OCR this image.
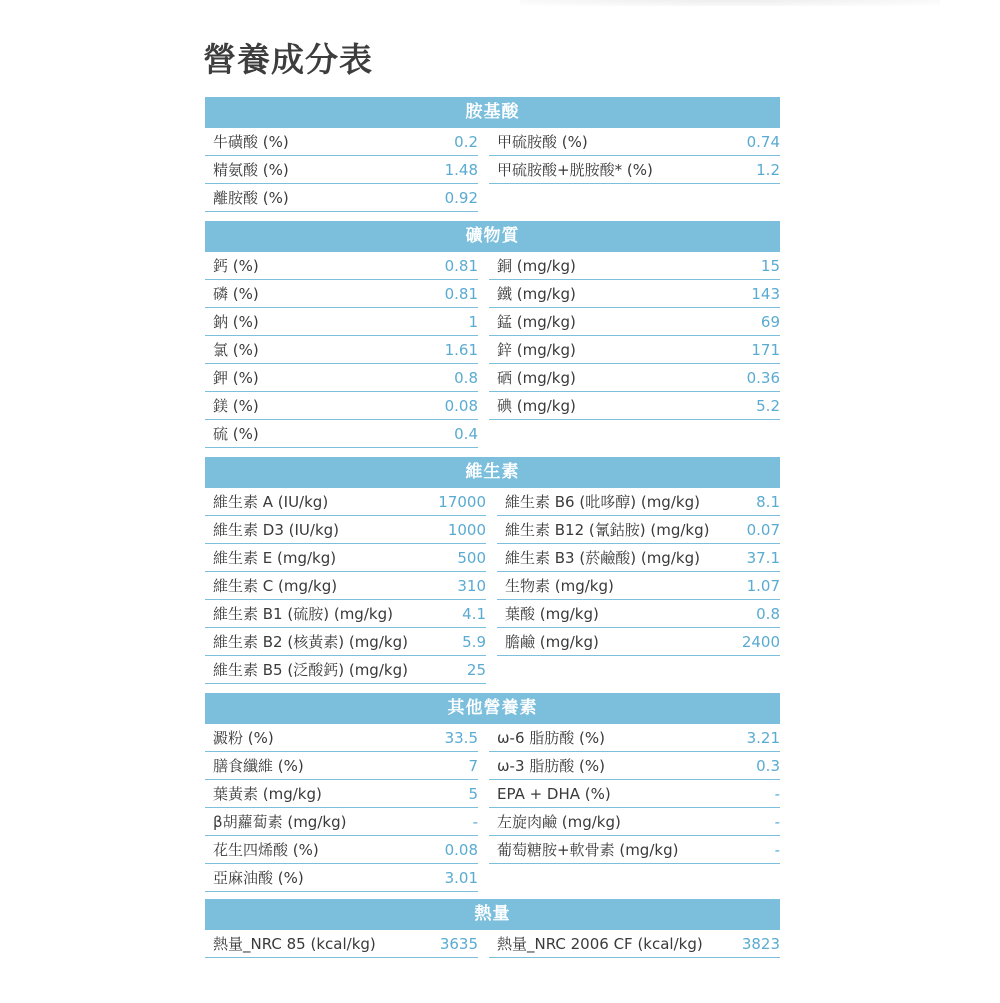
營養成分表
胺基酸
牛磺酸 (%)	0.2	甲硫胺酸 (%)	0.74
精氨酸 (%)	1.48	甲硫胺酸+胱胺酸* (%)	1.2
離胺酸 (%)	0.92
礦物質
鈣 (%)	0.81	銅 (mg/kg)	15
磷 (%)	0.81	鐵 (mg/kg)	143
鈉 (%)	1	錳 (mg/kg)	69
氯 (%)	1.61	鋅 (mg/kg)	171
鉀 (%)	0.8	硒 (mg/kg)	0.36
鎂 (%)	0.08	碘 (mg/kg)	5.2
硫 (%)	0.4
維生素
維生素 A (IU/kg)	17000	維生素 B6 (吡哆醇) (mg/kg)	8.1
維生素 D3 (IU/kg)	1000	維生素 B12 (氰鈷胺) (mg/kg)	0.07
維生素 E (mg/kg)	500	維生素 B3 (菸鹼酸) (mg/kg)	37.1
維生素 C (mg/kg)	310	生物素 (mg/kg)	1.07
維生素 B1 (硫胺) (mg/kg)	4.1	葉酸 (mg/kg)	0.8
維生素 B2 (核黃素) (mg/kg)	5.9	膽鹼 (mg/kg)	2400
維生素 B5 (泛酸鈣) (mg/kg)	25
其他營養素
澱粉 (%)	33.5	ω-6 脂肪酸 (%)	3.21
膳食纖維 (%)	7	ω-3 脂肪酸 (%)	0.3
葉黃素 (mg/kg)	5	EPA + DHA (%)	-
β胡蘿蔔素 (mg/kg)	-	左旋肉鹼 (mg/kg)	-
花生四烯酸 (%)	0.08	葡萄糖胺+軟骨素 (mg/kg)	-
亞麻油酸 (%)	3.01
熱量
熱量_NRC 85 (kcal/kg)	3635	熱量_NRC 2006 CF (kcal/kg)	3823
